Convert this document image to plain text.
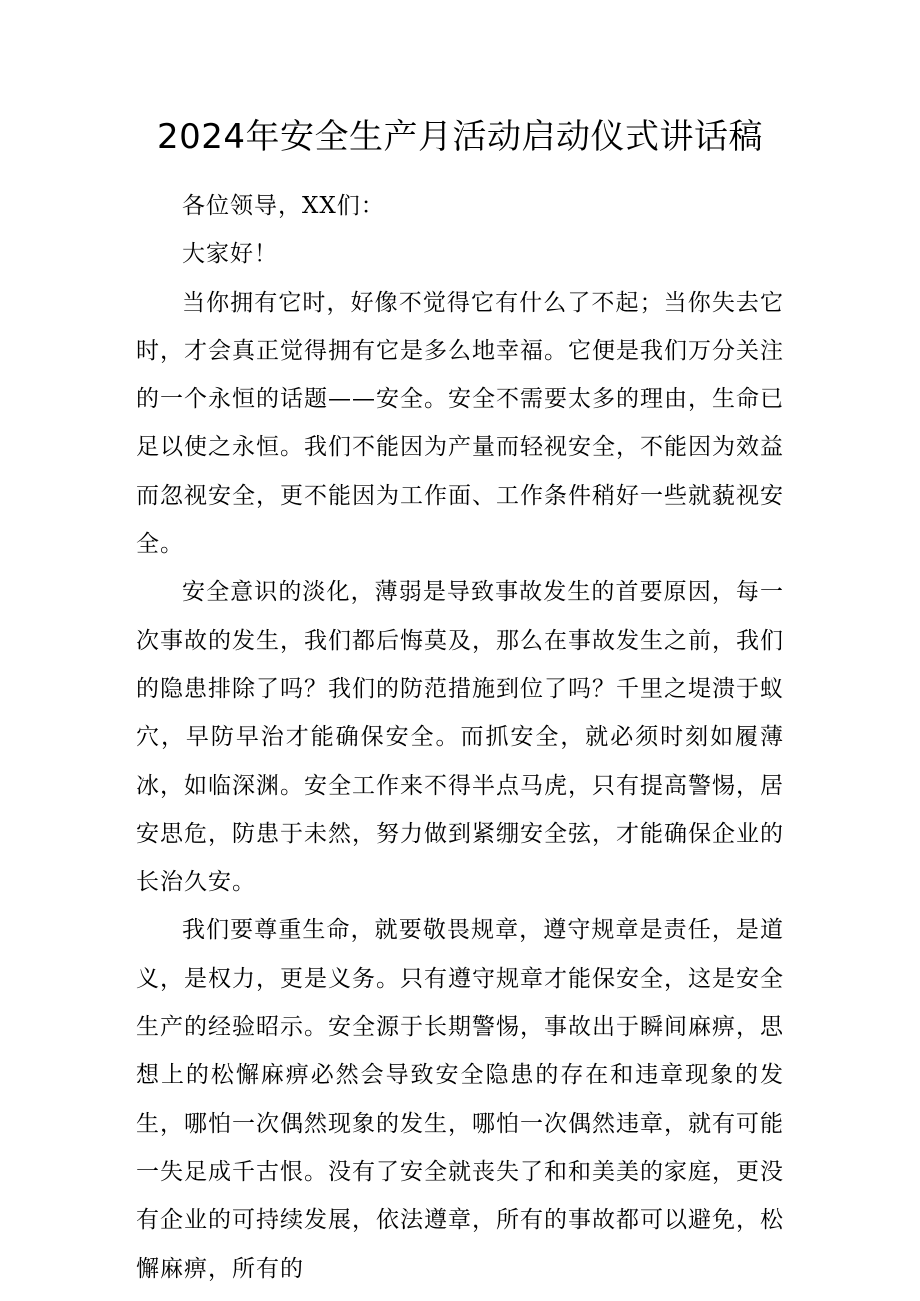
2024年安全生产月活动启动仪式讲话稿

各位领导，XX们：

大家好！

当你拥有它时，好像不觉得它有什么了不起；当你失去它时，才会真正觉得拥有它是多么地幸福。它便是我们万分关注的一个永恒的话题——安全。安全不需要太多的理由，生命已足以使之永恒。我们不能因为产量而轻视安全，不能因为效益而忽视安全，更不能因为工作面、工作条件稍好一些就藐视安全。

安全意识的淡化，薄弱是导致事故发生的首要原因，每一次事故的发生，我们都后悔莫及，那么在事故发生之前，我们的隐患排除了吗？我们的防范措施到位了吗？千里之堤溃于蚁穴，早防早治才能确保安全。而抓安全，就必须时刻如履薄冰，如临深渊。安全工作来不得半点马虎，只有提高警惕，居安思危，防患于未然，努力做到紧绷安全弦，才能确保企业的长治久安。

我们要尊重生命，就要敬畏规章，遵守规章是责任，是道义，是权力，更是义务。只有遵守规章才能保安全，这是安全生产的经验昭示。安全源于长期警惕，事故出于瞬间麻痹，思想上的松懈麻痹必然会导致安全隐患的存在和违章现象的发生，哪怕一次偶然现象的发生，哪怕一次偶然违章，就有可能一失足成千古恨。没有了安全就丧失了和和美美的家庭，更没有企业的可持续发展，依法遵章，所有的事故都可以避免，松懈麻痹，所有的
